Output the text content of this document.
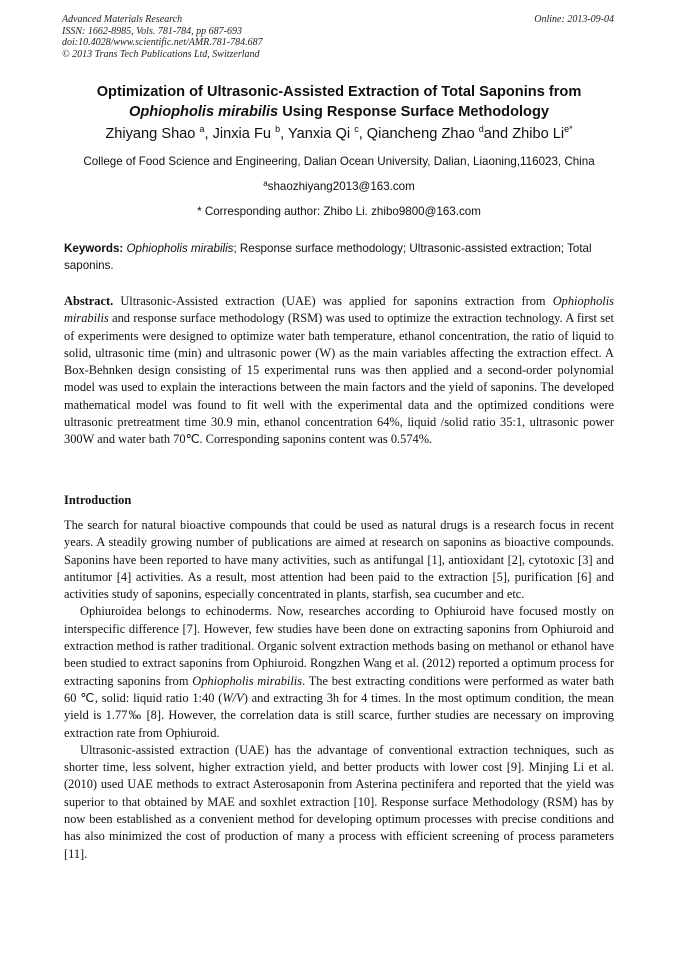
Advanced Materials Research
ISSN: 1662-8985, Vols. 781-784, pp 687-693
doi:10.4028/www.scientific.net/AMR.781-784.687
© 2013 Trans Tech Publications Ltd, Switzerland
Online: 2013-09-04
Optimization of Ultrasonic-Assisted Extraction of Total Saponins from
Ophiopholis mirabilis Using Response Surface Methodology
Zhiyang Shao $^a$, Jinxia Fu $^b$, Yanxia Qi $^c$, Qiancheng Zhao $^d$and Zhibo $Li^{e*}$
College of Food Science and Engineering, Dalian Ocean University, Dalian, Liaoning,116023, China
$^a$shaozhiyang2013@163.com
* Corresponding author: Zhibo Li. zhibo9800@163.com
Keywords: Ophiopholis mirabilis; Response surface methodology; Ultrasonic-assisted extraction; Total saponins.
Abstract. Ultrasonic-Assisted extraction (UAE) was applied for saponins extraction from Ophiopholis mirabilis and response surface methodology (RSM) was used to optimize the extraction technology. A first set of experiments were designed to optimize water bath temperature, ethanol concentration, the ratio of liquid to solid, ultrasonic time (min) and ultrasonic power (W) as the main variables affecting the extraction effect. A Box-Behnken design consisting of 15 experimental runs was then applied and a second-order polynomial model was used to explain the interactions between the main factors and the yield of saponins. The developed mathematical model was found to fit well with the experimental data and the optimized conditions were ultrasonic pretreatment time 30.9 min, ethanol concentration 64%, liquid /solid ratio 35:1, ultrasonic power 300W and water bath 70℃. Corresponding saponins content was 0.574%.
Introduction

The search for natural bioactive compounds that could be used as natural drugs is a research focus in recent years. A steadily growing number of publications are aimed at research on saponins as bioactive compounds. Saponins have been reported to have many activities, such as antifungal [1], antioxidant [2], cytotoxic [3] and antitumor [4] activities. As a result, most attention had been paid to the extraction [5], purification [6] and activities study of saponins, especially concentrated in plants, starfish, sea cucumber and etc.

Ophiuroidea belongs to echinoderms. Now, researches according to Ophiuroid have focused mostly on interspecific difference [7]. However, few studies have been done on extracting saponins from Ophiuroid and extraction method is rather traditional. Organic solvent extraction methods basing on methanol or ethanol have been studied to extract saponins from Ophiuroid. Rongzhen Wang et al. (2012) reported a optimum process for extracting saponins from Ophiopholis mirabilis. The best extracting conditions were performed as water bath 60 ℃, solid: liquid ratio 1:40 (W/V) and extracting 3h for 4 times. In the most optimum condition, the mean yield is 1.77‰ [8]. However, the correlation data is still scarce, further studies are necessary on improving extraction rate from Ophiuroid.

Ultrasonic-assisted extraction (UAE) has the advantage of conventional extraction techniques, such as shorter time, less solvent, higher extraction yield, and better products with lower cost [9]. Minjing Li et al. (2010) used UAE methods to extract Asterosaponin from Asterina pectinifera and reported that the yield was superior to that obtained by MAE and soxhlet extraction [10]. Response surface Methodology (RSM) has by now been established as a convenient method for developing optimum processes with precise conditions and has also minimized the cost of production of many a process with efficient screening of process parameters [11].
